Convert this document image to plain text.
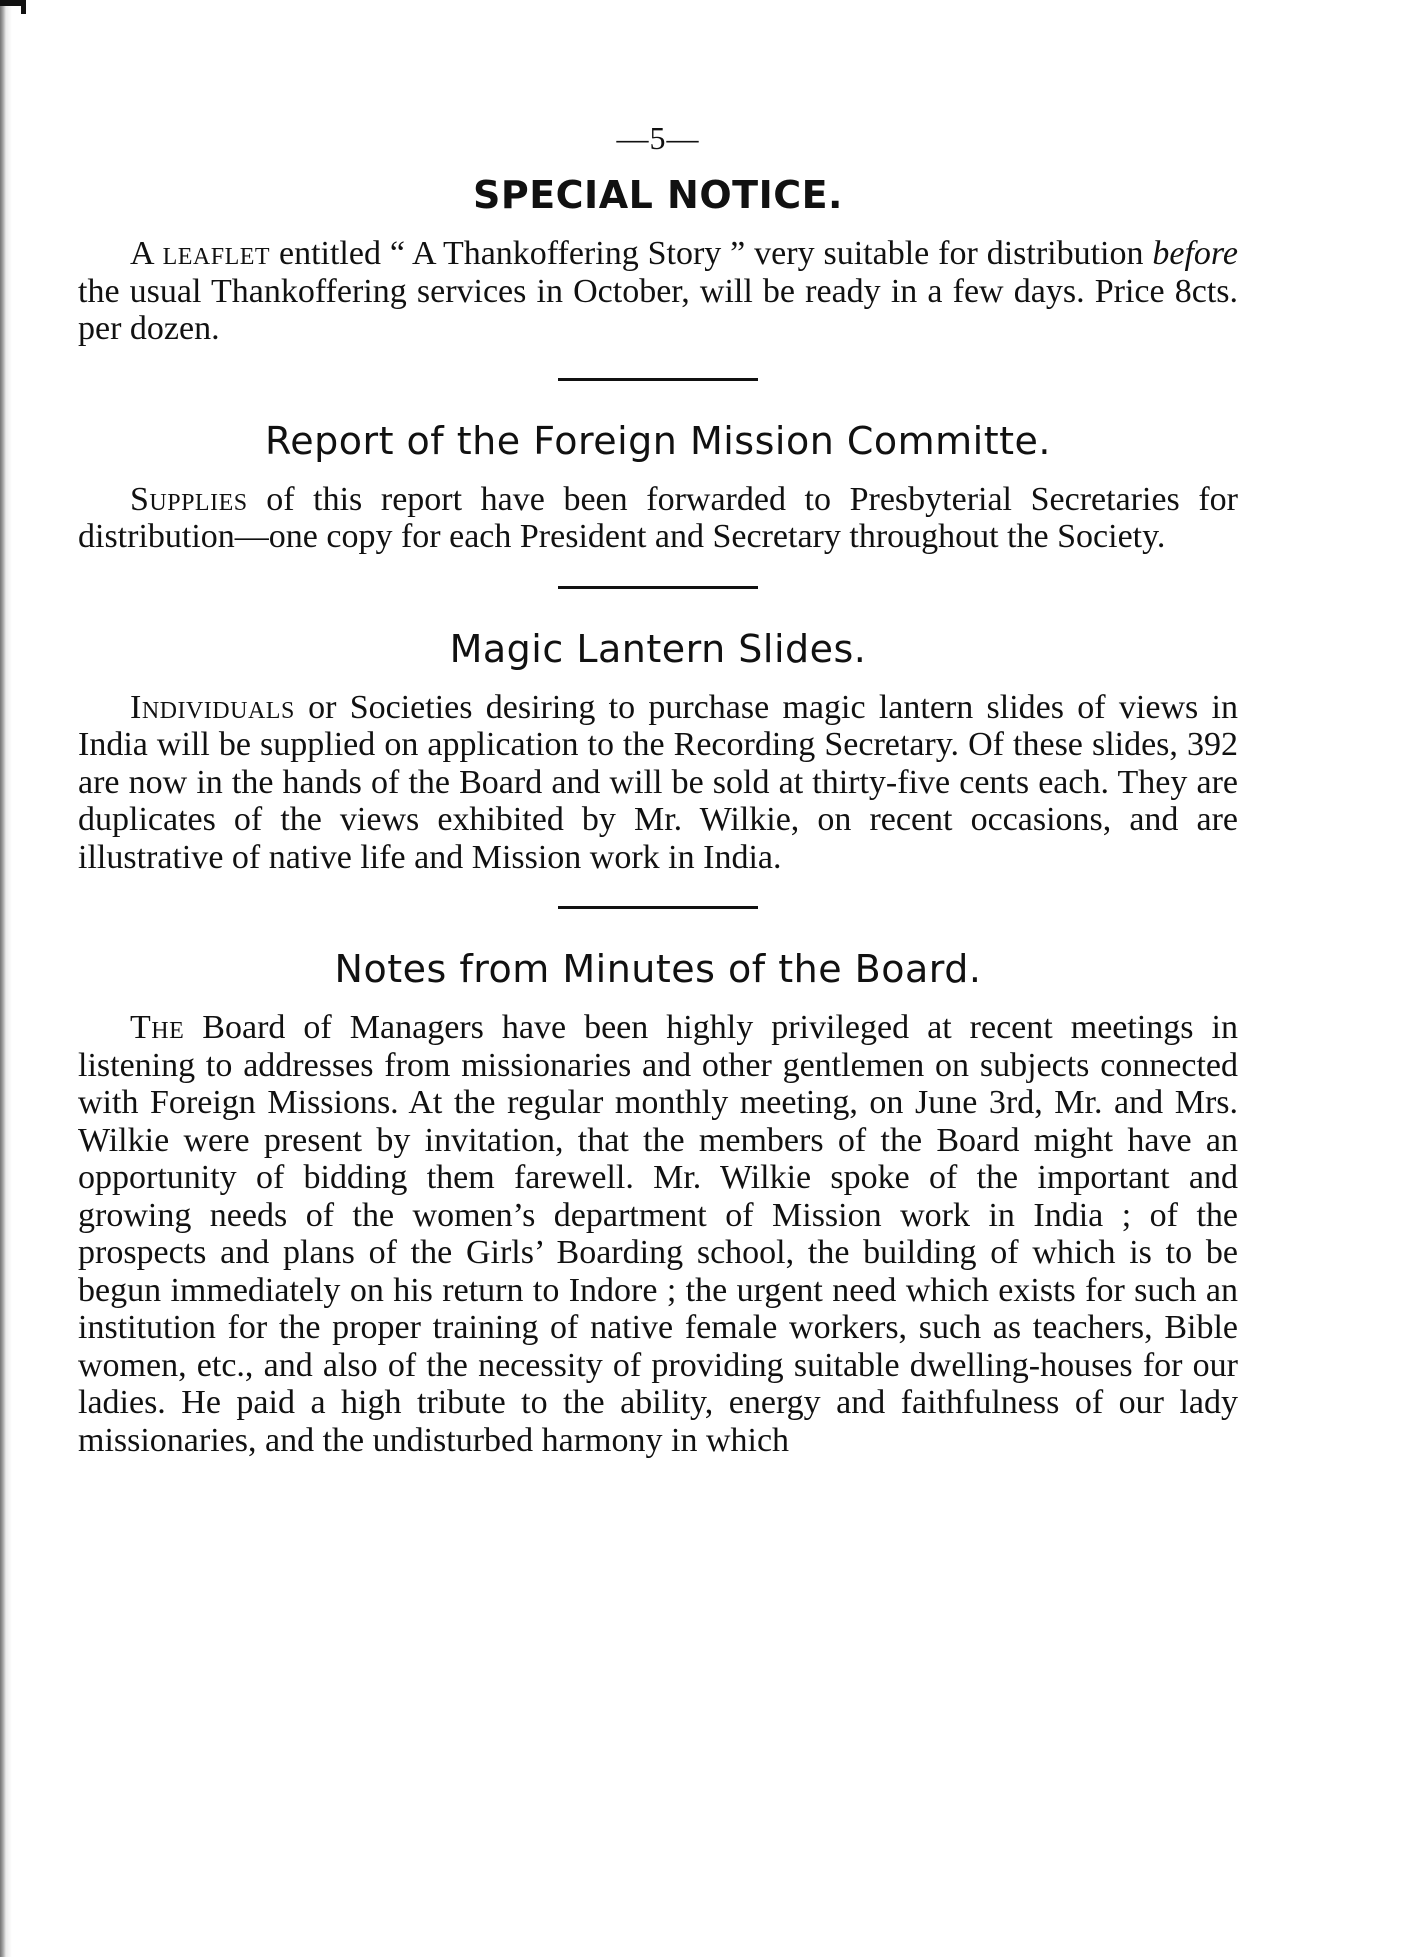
—5—
SPECIAL NOTICE.

A leaflet entitled “ A Thankoffering Story ” very suitable for distribution before the usual Thankoffering services in October, will be ready in a few days. Price 8cts. per dozen.

Report of the Foreign Mission Committe.

Supplies of this report have been forwarded to Presbyterial Secretaries for distribution—one copy for each President and Secretary throughout the Society.

Magic Lantern Slides.

Individuals or Societies desiring to purchase magic lantern slides of views in India will be supplied on application to the Recording Secretary. Of these slides, 392 are now in the hands of the Board and will be sold at thirty-five cents each. They are duplicates of the views exhibited by Mr. Wilkie, on recent occasions, and are illustrative of native life and Mission work in India.

Notes from Minutes of the Board.

The Board of Managers have been highly privileged at recent meetings in listening to addresses from missionaries and other gentlemen on subjects connected with Foreign Missions. At the regular monthly meeting, on June 3rd, Mr. and Mrs. Wilkie were present by invitation, that the members of the Board might have an opportunity of bidding them farewell. Mr. Wilkie spoke of the important and growing needs of the women’s department of Mission work in India ; of the prospects and plans of the Girls’ Boarding school, the building of which is to be begun immediately on his return to Indore ; the urgent need which exists for such an institution for the proper training of native female workers, such as teachers, Bible women, etc., and also of the necessity of providing suitable dwelling-houses for our ladies. He paid a high tribute to the ability, energy and faithfulness of our lady missionaries, and the undisturbed harmony in which
